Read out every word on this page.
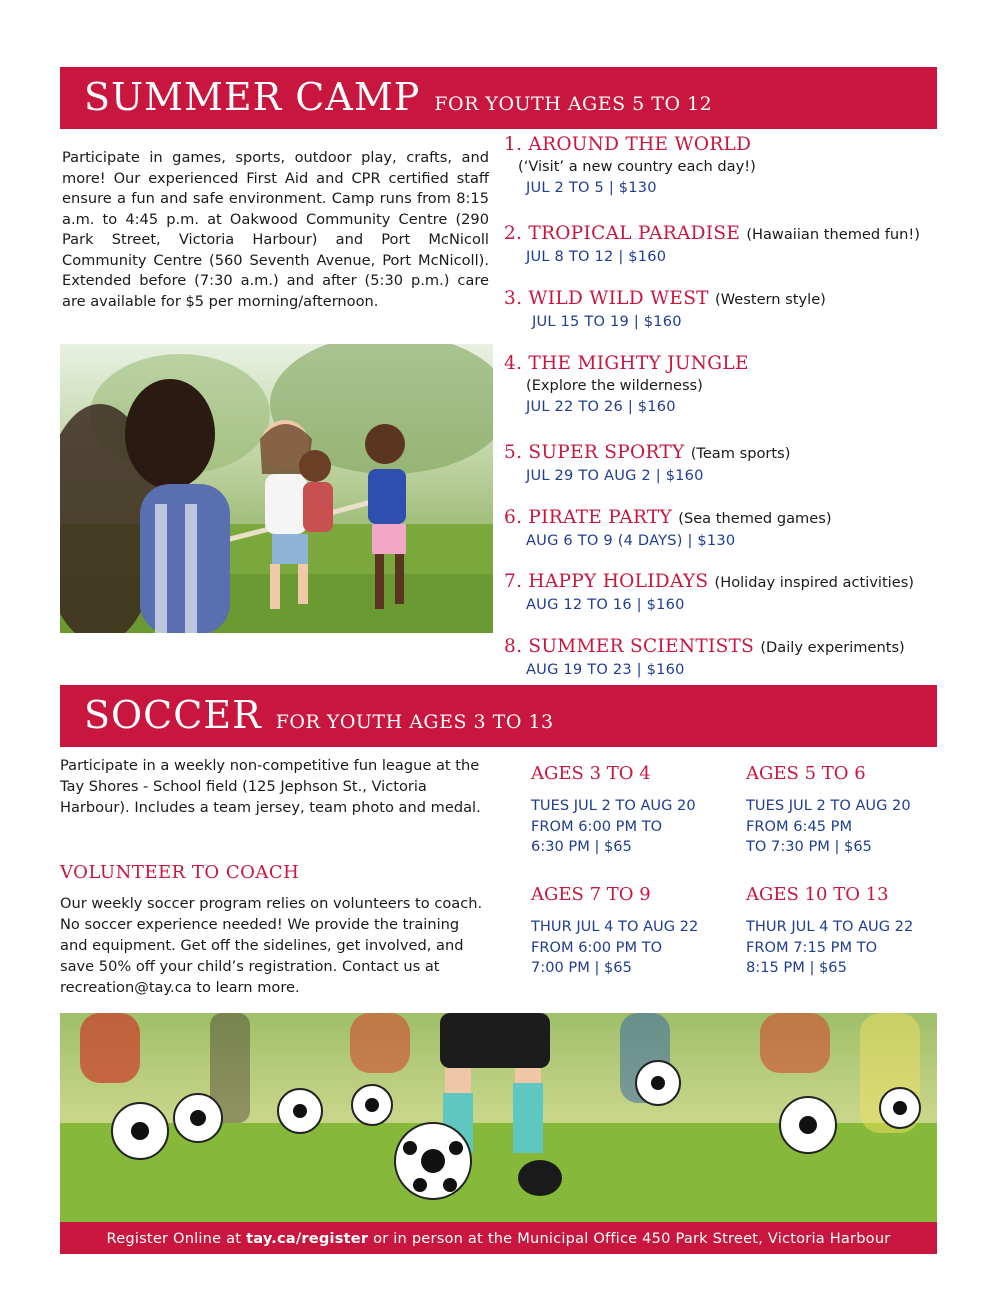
SUMMER CAMP FOR YOUTH AGES 5 TO 12
Participate in games, sports, outdoor play, crafts, and more! Our experienced First Aid and CPR certified staff ensure a fun and safe environment. Camp runs from 8:15 a.m. to 4:45 p.m. at Oakwood Community Centre (290 Park Street, Victoria Harbour) and Port McNicoll Community Centre (560 Seventh Avenue, Port McNicoll). Extended before (7:30 a.m.) and after (5:30 p.m.) care are available for $5 per morning/afternoon.
1. AROUND THE WORLD
(‘Visit’ a new country each day!)
JUL 2 TO 5 | $130
2. TROPICAL PARADISE (Hawaiian themed fun!)
JUL 8 TO 12 | $160
3. WILD WILD WEST (Western style)
JUL 15 TO 19 | $160
4. THE MIGHTY JUNGLE
(Explore the wilderness)
JUL 22 TO 26 | $160
5. SUPER SPORTY (Team sports)
JUL 29 TO AUG 2 | $160
6. PIRATE PARTY (Sea themed games)
AUG 6 TO 9 (4 DAYS) | $130
7. HAPPY HOLIDAYS (Holiday inspired activities)
AUG 12 TO 16 | $160
8. SUMMER SCIENTISTS (Daily experiments)
AUG 19 TO 23 | $160
SOCCER FOR YOUTH AGES 3 TO 13
Participate in a weekly non-competitive fun league at the Tay Shores - School field (125 Jephson St., Victoria Harbour). Includes a team jersey, team photo and medal.
VOLUNTEER TO COACH
Our weekly soccer program relies on volunteers to coach. No soccer experience needed! We provide the training and equipment. Get off the sidelines, get involved, and save 50% off your child’s registration. Contact us at recreation@tay.ca to learn more.
AGES 3 TO 4
TUES JUL 2 TO AUG 20
FROM 6:00 PM TO
6:30 PM | $65
AGES 5 TO 6
TUES JUL 2 TO AUG 20
FROM 6:45 PM
TO 7:30 PM | $65
AGES 7 TO 9
THUR JUL 4 TO AUG 22
FROM 6:00 PM TO
7:00 PM | $65
AGES 10 TO 13
THUR JUL 4 TO AUG 22
FROM 7:15 PM TO
8:15 PM | $65
Register Online at tay.ca/register or in person at the Municipal Office 450 Park Street, Victoria Harbour
